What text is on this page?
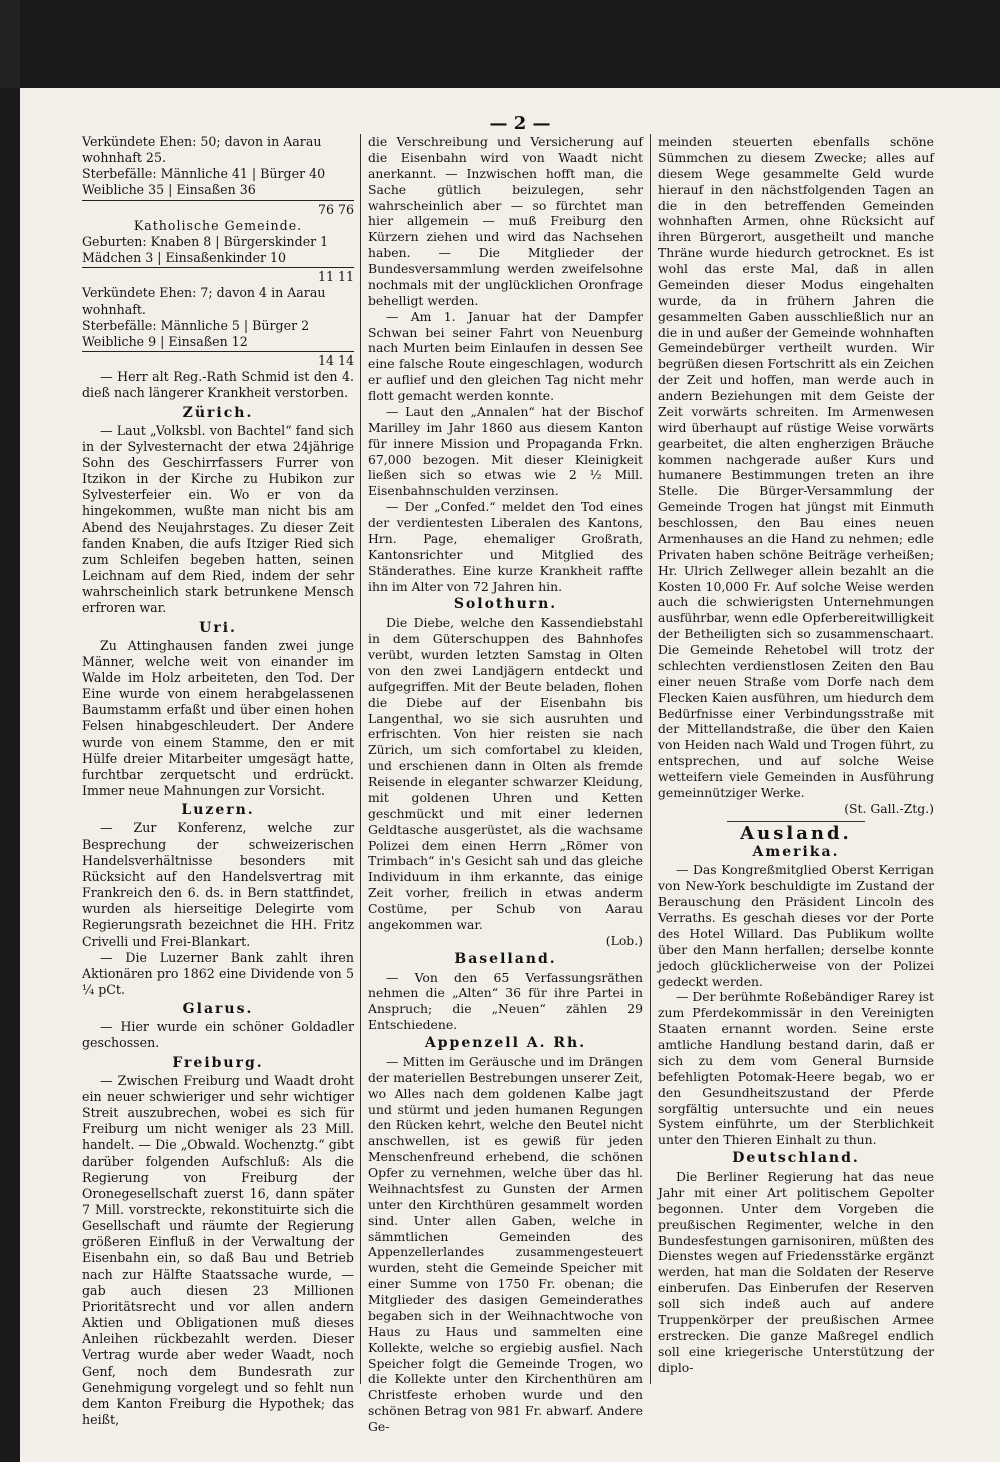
— 2 —
Verkündete Ehen: 50; davon in Aarau wohnhaft 25.
Sterbefälle: Männliche 41 | Bürger 40
Weibliche 35 | Einsaßen 36
76 76
Katholische Gemeinde.
Geburten: Knaben 8 | Bürgerskinder 1
Mädchen 3 | Einsaßenkinder 10
11 11
Verkündete Ehen: 7; davon 4 in Aarau wohnhaft.
Sterbefälle: Männliche 5 | Bürger 2
Weibliche 9 | Einsaßen 12
14 14

— Herr alt Reg.-Rath Schmid ist den 4. dieß nach längerer Krankheit verstorben.

Zürich.

— Laut „Volksbl. von Bachtel“ fand sich in der Sylvesternacht der etwa 24jährige Sohn des Geschirrfassers Furrer von Itzikon in der Kirche zu Hubikon zur Sylvesterfeier ein. Wo er von da hingekommen, wußte man nicht bis am Abend des Neujahrstages. Zu dieser Zeit fanden Knaben, die aufs Itziger Ried sich zum Schleifen begeben hatten, seinen Leichnam auf dem Ried, indem der sehr wahrscheinlich stark betrunkene Mensch erfroren war.

Uri.

Zu Attinghausen fanden zwei junge Männer, welche weit von einander im Walde im Holz arbeiteten, den Tod. Der Eine wurde von einem herabgelassenen Baumstamm erfaßt und über einen hohen Felsen hinabgeschleudert. Der Andere wurde von einem Stamme, den er mit Hülfe dreier Mitarbeiter umgesägt hatte, furchtbar zerquetscht und erdrückt. Immer neue Mahnungen zur Vorsicht.

Luzern.

— Zur Konferenz, welche zur Besprechung der schweizerischen Handelsverhältnisse besonders mit Rücksicht auf den Handelsvertrag mit Frankreich den 6. ds. in Bern stattfindet, wurden als hierseitige Delegirte vom Regierungsrath bezeichnet die HH. Fritz Crivelli und Frei-Blankart.

— Die Luzerner Bank zahlt ihren Aktionären pro 1862 eine Dividende von 5 ¼ pCt.

Glarus.

— Hier wurde ein schöner Goldadler geschossen.

Freiburg.

— Zwischen Freiburg und Waadt droht ein neuer schwieriger und sehr wichtiger Streit auszubrechen, wobei es sich für Freiburg um nicht weniger als 23 Mill. handelt. — Die „Obwald. Wochenztg.“ gibt darüber folgenden Aufschluß: Als die Regierung von Freiburg der Oronegesellschaft zuerst 16, dann später 7 Mill. vorstreckte, rekonstituirte sich die Gesellschaft und räumte der Regierung größeren Einfluß in der Verwaltung der Eisenbahn ein, so daß Bau und Betrieb nach zur Hälfte Staatssache wurde, — gab auch diesen 23 Millionen Prioritätsrecht und vor allen andern Aktien und Obligationen muß dieses Anleihen rückbezahlt werden. Dieser Vertrag wurde aber weder Waadt, noch Genf, noch dem Bundesrath zur Genehmigung vorgelegt und so fehlt nun dem Kanton Freiburg die Hypothek; das heißt,

die Verschreibung und Versicherung auf die Eisenbahn wird von Waadt nicht anerkannt. — Inzwischen hofft man, die Sache gütlich beizulegen, sehr wahrscheinlich aber — so fürchtet man hier allgemein — muß Freiburg den Kürzern ziehen und wird das Nachsehen haben. — Die Mitglieder der Bundesversammlung werden zweifelsohne nochmals mit der unglücklichen Oronfrage behelligt werden.

— Am 1. Januar hat der Dampfer Schwan bei seiner Fahrt von Neuenburg nach Murten beim Einlaufen in dessen See eine falsche Route eingeschlagen, wodurch er auflief und den gleichen Tag nicht mehr flott gemacht werden konnte.

— Laut den „Annalen“ hat der Bischof Marilley im Jahr 1860 aus diesem Kanton für innere Mission und Propaganda Frkn. 67,000 bezogen. Mit dieser Kleinigkeit ließen sich so etwas wie 2 ½ Mill. Eisenbahnschulden verzinsen.

— Der „Confed.“ meldet den Tod eines der verdientesten Liberalen des Kantons, Hrn. Page, ehemaliger Großrath, Kantonsrichter und Mitglied des Ständerathes. Eine kurze Krankheit raffte ihn im Alter von 72 Jahren hin.

Solothurn.

Die Diebe, welche den Kassendiebstahl in dem Güterschuppen des Bahnhofes verübt, wurden letzten Samstag in Olten von den zwei Landjägern entdeckt und aufgegriffen. Mit der Beute beladen, flohen die Diebe auf der Eisenbahn bis Langenthal, wo sie sich ausruhten und erfrischten. Von hier reisten sie nach Zürich, um sich comfortabel zu kleiden, und erschienen dann in Olten als fremde Reisende in eleganter schwarzer Kleidung, mit goldenen Uhren und Ketten geschmückt und mit einer ledernen Geldtasche ausgerüstet, als die wachsame Polizei dem einen Herrn „Römer von Trimbach“ in's Gesicht sah und das gleiche Individuum in ihm erkannte, das einige Zeit vorher, freilich in etwas anderm Costüme, per Schub von Aarau angekommen war.

(Lob.)
Baselland.

— Von den 65 Verfassungsräthen nehmen die „Alten“ 36 für ihre Partei in Anspruch; die „Neuen“ zählen 29 Entschiedene.

Appenzell A. Rh.

— Mitten im Geräusche und im Drängen der materiellen Bestrebungen unserer Zeit, wo Alles nach dem goldenen Kalbe jagt und stürmt und jeden humanen Regungen den Rücken kehrt, welche den Beutel nicht anschwellen, ist es gewiß für jeden Menschenfreund erhebend, die schönen Opfer zu vernehmen, welche über das hl. Weihnachtsfest zu Gunsten der Armen unter den Kirchthüren gesammelt worden sind. Unter allen Gaben, welche in sämmtlichen Gemeinden des Appenzellerlandes zusammengesteuert wurden, steht die Gemeinde Speicher mit einer Summe von 1750 Fr. obenan; die Mitglieder des dasigen Gemeinderathes begaben sich in der Weihnachtwoche von Haus zu Haus und sammelten eine Kollekte, welche so ergiebig ausfiel. Nach Speicher folgt die Gemeinde Trogen, wo die Kollekte unter den Kirchenthüren am Christfeste erhoben wurde und den schönen Betrag von 981 Fr. abwarf. Andere Ge-

meinden steuerten ebenfalls schöne Sümmchen zu diesem Zwecke; alles auf diesem Wege gesammelte Geld wurde hierauf in den nächstfolgenden Tagen an die in den betreffenden Gemeinden wohnhaften Armen, ohne Rücksicht auf ihren Bürgerort, ausgetheilt und manche Thräne wurde hiedurch getrocknet. Es ist wohl das erste Mal, daß in allen Gemeinden dieser Modus eingehalten wurde, da in frühern Jahren die gesammelten Gaben ausschließlich nur an die in und außer der Gemeinde wohnhaften Gemeindebürger vertheilt wurden. Wir begrüßen diesen Fortschritt als ein Zeichen der Zeit und hoffen, man werde auch in andern Beziehungen mit dem Geiste der Zeit vorwärts schreiten. Im Armenwesen wird überhaupt auf rüstige Weise vorwärts gearbeitet, die alten engherzigen Bräuche kommen nachgerade außer Kurs und humanere Bestimmungen treten an ihre Stelle. Die Bürger-Versammlung der Gemeinde Trogen hat jüngst mit Einmuth beschlossen, den Bau eines neuen Armenhauses an die Hand zu nehmen; edle Privaten haben schöne Beiträge verheißen; Hr. Ulrich Zellweger allein bezahlt an die Kosten 10,000 Fr. Auf solche Weise werden auch die schwierigsten Unternehmungen ausführbar, wenn edle Opferbereitwilligkeit der Betheiligten sich so zusammenschaart. Die Gemeinde Rehetobel will trotz der schlechten verdienstlosen Zeiten den Bau einer neuen Straße vom Dorfe nach dem Flecken Kaien ausführen, um hiedurch dem Bedürfnisse einer Verbindungsstraße mit der Mittellandstraße, die über den Kaien von Heiden nach Wald und Trogen führt, zu entsprechen, und auf solche Weise wetteifern viele Gemeinden in Ausführung gemeinnütziger Werke.

(St. Gall.-Ztg.)
Ausland.
Amerika.

— Das Kongreßmitglied Oberst Kerrigan von New-York beschuldigte im Zustand der Berauschung den Präsident Lincoln des Verraths. Es geschah dieses vor der Porte des Hotel Willard. Das Publikum wollte über den Mann herfallen; derselbe konnte jedoch glücklicherweise von der Polizei gedeckt werden.

— Der berühmte Roßebändiger Rarey ist zum Pferdekommissär in den Vereinigten Staaten ernannt worden. Seine erste amtliche Handlung bestand darin, daß er sich zu dem vom General Burnside befehligten Potomak-Heere begab, wo er den Gesundheitszustand der Pferde sorgfältig untersuchte und ein neues System einführte, um der Sterblichkeit unter den Thieren Einhalt zu thun.

Deutschland.

Die Berliner Regierung hat das neue Jahr mit einer Art politischem Gepolter begonnen. Unter dem Vorgeben die preußischen Regimenter, welche in den Bundesfestungen garnisoniren, müßten des Dienstes wegen auf Friedensstärke ergänzt werden, hat man die Soldaten der Reserve einberufen. Das Einberufen der Reserven soll sich indeß auch auf andere Truppenkörper der preußischen Armee erstrecken. Die ganze Maßregel endlich soll eine kriegerische Unterstützung der diplo-
